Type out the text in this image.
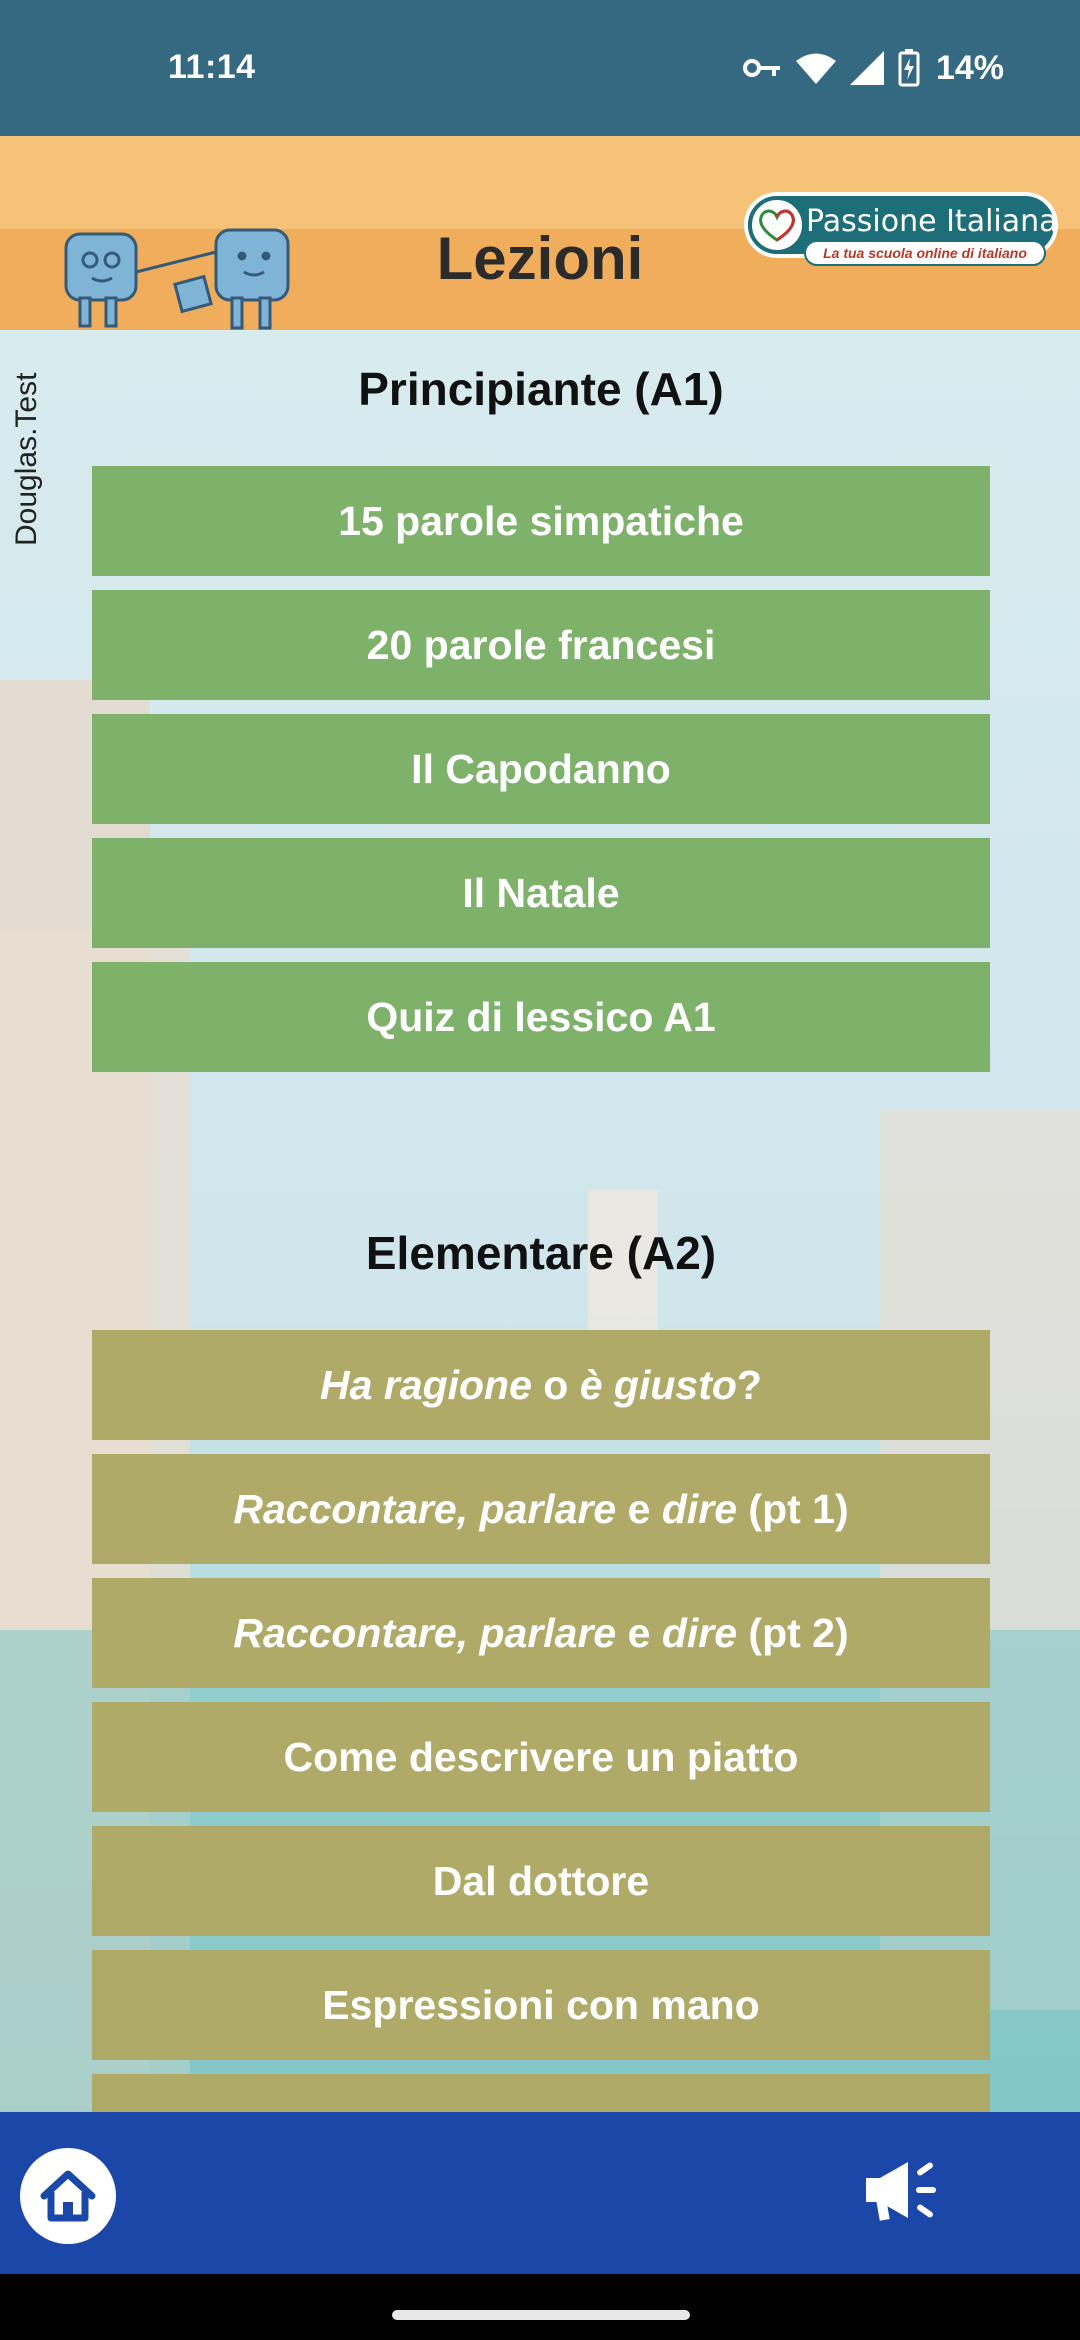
11:14	14%
Lezioni
Passione Italiana
La tua scuola online di italiano
Douglas.Test	Principiante (A1)
15 parole simpatiche
20 parole francesi
Il Capodanno
Il Natale
Quiz di lessico A1
Elementare (A2)
Ha ragione o è giusto ?
Raccontare, parlare e dire (pt 1)
Raccontare, parlare e dire (pt 2)
Come descrivere un piatto
Dal dottore
Espressioni con mano
